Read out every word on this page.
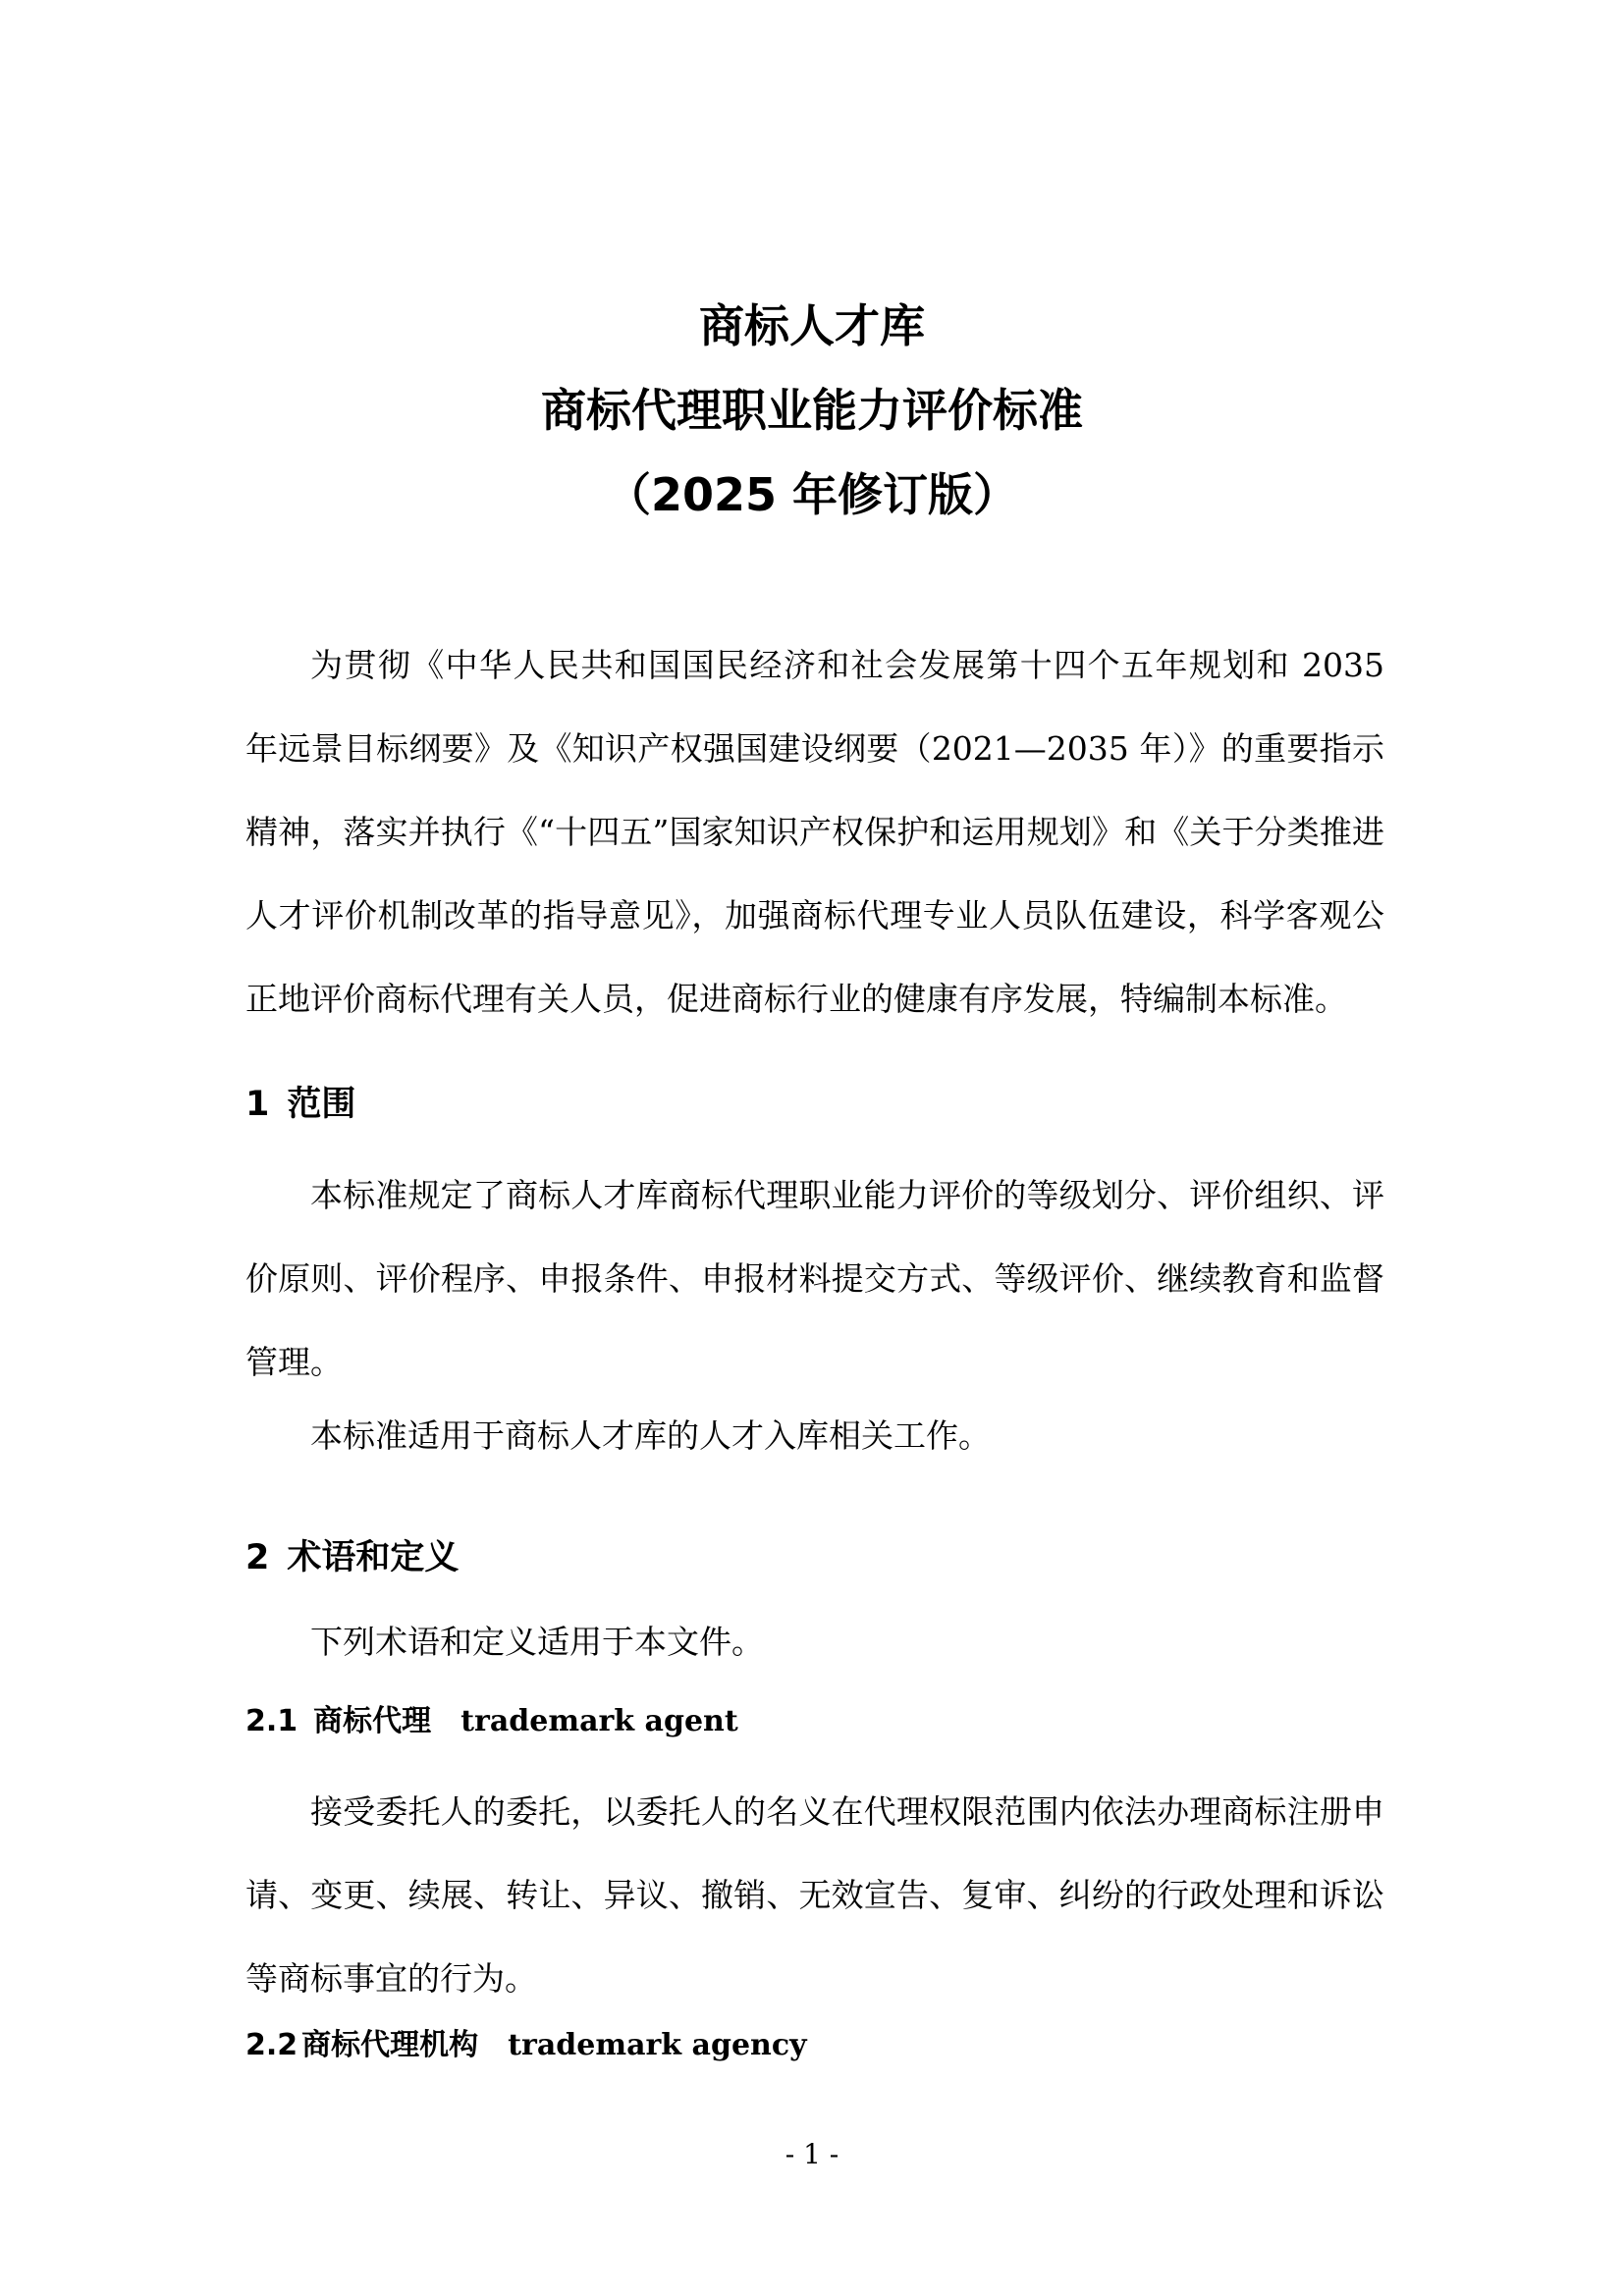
商标人才库
商标代理职业能力评价标准
（2025 年修订版）

为贯彻《中华人民共和国国民经济和社会发展第十四个五年规划和 2035 年远景目标纲要》及《知识产权强国建设纲要（2021—2035 年）》的重要指示精神，落实并执行《“十四五”国家知识产权保护和运用规划》和《关于分类推进人才评价机制改革的指导意见》，加强商标代理专业人员队伍建设，科学客观公正地评价商标代理有关人员，促进商标行业的健康有序发展，特编制本标准。

1 范围

本标准规定了商标人才库商标代理职业能力评价的等级划分、评价组织、评价原则、评价程序、申报条件、申报材料提交方式、等级评价、继续教育和监督管理。

本标准适用于商标人才库的人才入库相关工作。

2 术语和定义

下列术语和定义适用于本文件。

2.1 商标代理 trademark agent

接受委托人的委托，以委托人的名义在代理权限范围内依法办理商标注册申请、变更、续展、转让、异议、撤销、无效宣告、复审、纠纷的行政处理和诉讼等商标事宜的行为。

2.2 商标代理机构 trademark agency

- 1 -
